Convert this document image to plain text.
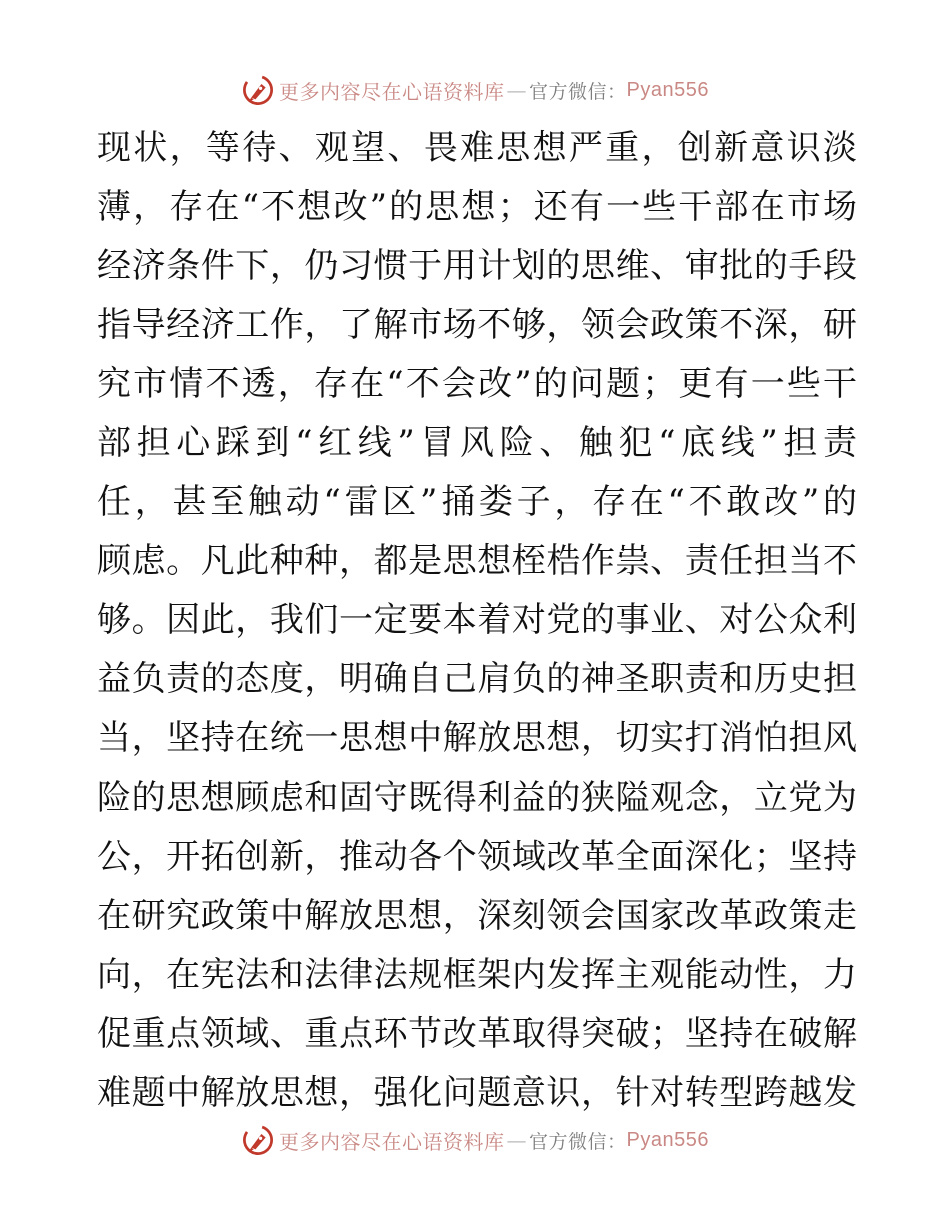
更多内容尽在心语资料库 — 官方微信： Pyan556
现状，等待、观望、畏难思想严重，创新意识淡
薄，存在“不想改”的思想；还有一些干部在市场
经济条件下，仍习惯于用计划的思维、审批的手段
指导经济工作，了解市场不够，领会政策不深，研
究市情不透，存在“不会改”的问题；更有一些干
部担心踩到“红线”冒风险、触犯“底线”担责
任，甚至触动“雷区”捅娄子，存在“不敢改”的
顾虑。凡此种种，都是思想桎梏作祟、责任担当不
够。因此，我们一定要本着对党的事业、对公众利
益负责的态度，明确自己肩负的神圣职责和历史担
当，坚持在统一思想中解放思想，切实打消怕担风
险的思想顾虑和固守既得利益的狭隘观念，立党为
公，开拓创新，推动各个领域改革全面深化；坚持
在研究政策中解放思想，深刻领会国家改革政策走
向，在宪法和法律法规框架内发挥主观能动性，力
促重点领域、重点环节改革取得突破；坚持在破解
难题中解放思想，强化问题意识，针对转型跨越发
更多内容尽在心语资料库 — 官方微信： Pyan556
